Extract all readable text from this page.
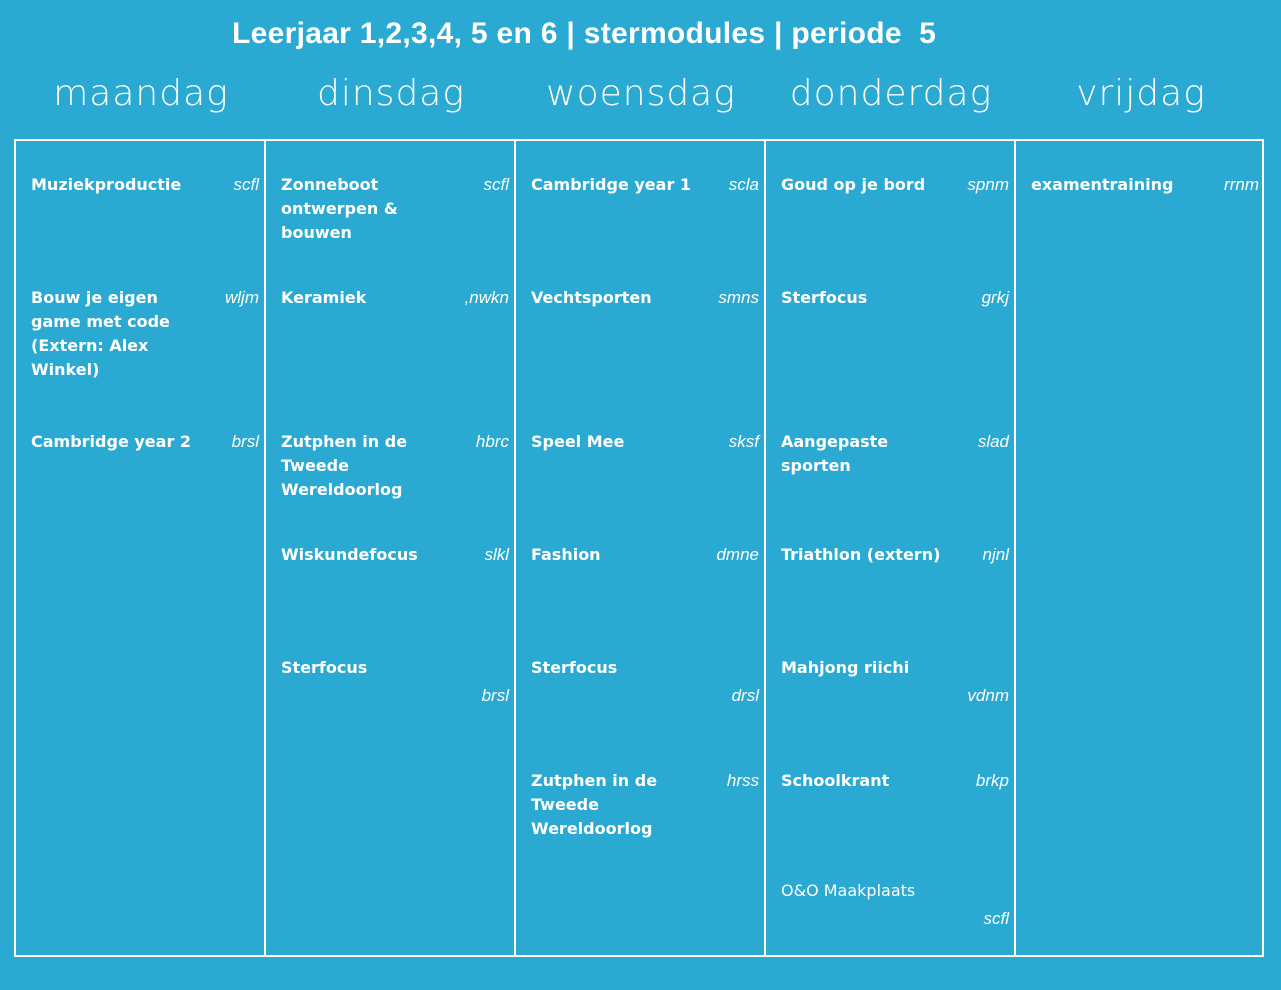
Leerjaar 1,2,3,4, 5 en 6 | stermodules | periode  5
maandag	dinsdag	woensdag	donderdag	vrijdag
Muziekproductie	scfl
Bouw je eigen game met code (Extern: Alex Winkel)
wljm
Cambridge year 2	brsl
Zonneboot ontwerpen & bouwen
scfl
Keramiek	,nwkn
Zutphen in de Tweede Wereldoorlog
hbrc
Wiskundefocus	slkl
Sterfocus
brsl
Cambridge year 1	scla
Vechtsporten	smns
Speel Mee	sksf
Fashion	dmne
Sterfocus
drsl
Zutphen in de Tweede Wereldoorlog
hrss
Goud op je bord	spnm
Sterfocus	grkj
Aangepaste sporten
slad
Triathlon (extern)	njnl
Mahjong riichi
vdnm
Schoolkrant	brkp
O&O Maakplaats
scfl
examentraining	rrnm
